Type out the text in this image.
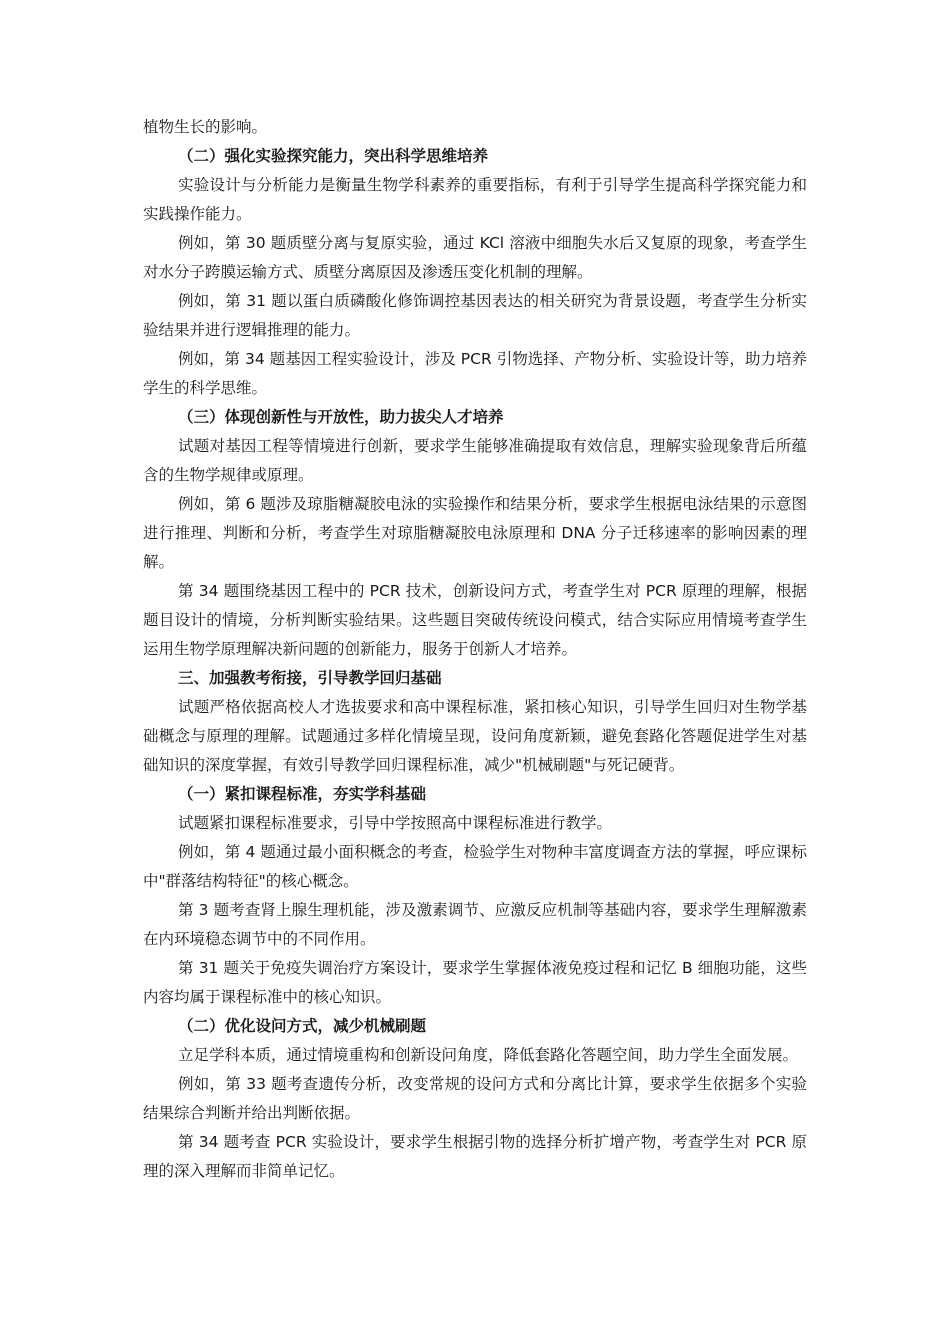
植物生长的影响。

（二）强化实验探究能力，突出科学思维培养

实验设计与分析能力是衡量生物学科素养的重要指标，有利于引导学生提高科学探究能力和实践操作能力。

例如，第 30 题质壁分离与复原实验，通过 KCl 溶液中细胞失水后又复原的现象，考查学生对水分子跨膜运输方式、质壁分离原因及渗透压变化机制的理解。

例如，第 31 题以蛋白质磷酸化修饰调控基因表达的相关研究为背景设题，考查学生分析实验结果并进行逻辑推理的能力。

例如，第 34 题基因工程实验设计，涉及 PCR 引物选择、产物分析、实验设计等，助力培养学生的科学思维。

（三）体现创新性与开放性，助力拔尖人才培养

试题对基因工程等情境进行创新，要求学生能够准确提取有效信息，理解实验现象背后所蕴含的生物学规律或原理。

例如，第 6 题涉及琼脂糖凝胶电泳的实验操作和结果分析，要求学生根据电泳结果的示意图进行推理、判断和分析，考查学生对琼脂糖凝胶电泳原理和 DNA 分子迁移速率的影响因素的理解。

第 34 题围绕基因工程中的 PCR 技术，创新设问方式，考查学生对 PCR 原理的理解，根据题目设计的情境，分析判断实验结果。这些题目突破传统设问模式，结合实际应用情境考查学生运用生物学原理解决新问题的创新能力，服务于创新人才培养。

三、加强教考衔接，引导教学回归基础

试题严格依据高校人才选拔要求和高中课程标准，紧扣核心知识，引导学生回归对生物学基础概念与原理的理解。试题通过多样化情境呈现，设问角度新颖，避免套路化答题促进学生对基础知识的深度掌握，有效引导教学回归课程标准，减少"机械刷题"与死记硬背。

（一）紧扣课程标准，夯实学科基础

试题紧扣课程标准要求，引导中学按照高中课程标准进行教学。

例如，第 4 题通过最小面积概念的考查，检验学生对物种丰富度调查方法的掌握，呼应课标中"群落结构特征"的核心概念。

第 3 题考查肾上腺生理机能，涉及激素调节、应激反应机制等基础内容，要求学生理解激素在内环境稳态调节中的不同作用。

第 31 题关于免疫失调治疗方案设计，要求学生掌握体液免疫过程和记忆 B 细胞功能，这些内容均属于课程标准中的核心知识。

（二）优化设问方式，减少机械刷题

立足学科本质，通过情境重构和创新设问角度，降低套路化答题空间，助力学生全面发展。

例如，第 33 题考查遗传分析，改变常规的设问方式和分离比计算，要求学生依据多个实验结果综合判断并给出判断依据。

第 34 题考查 PCR 实验设计，要求学生根据引物的选择分析扩增产物，考查学生对 PCR 原理的深入理解而非简单记忆。
